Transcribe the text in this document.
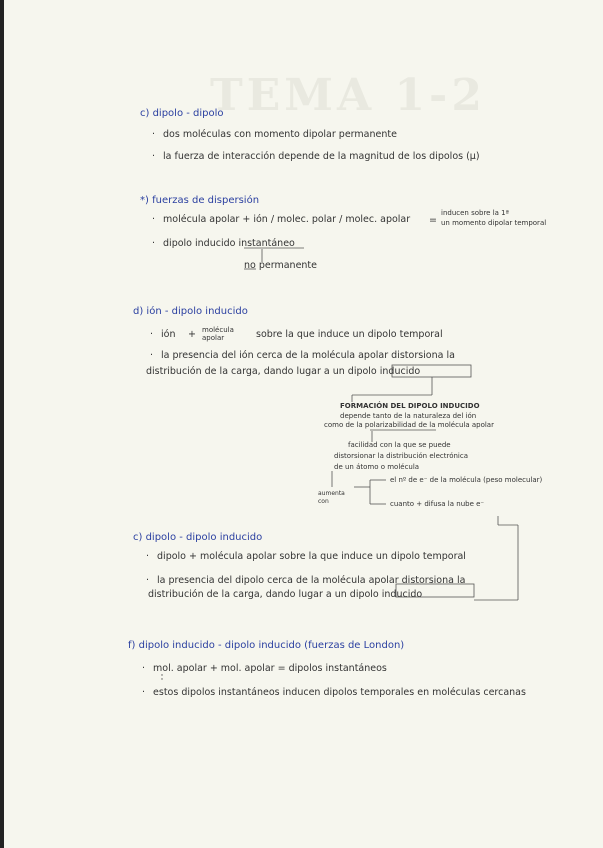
TEMA 1-2
c) dipolo - dipolo
· dos moléculas con momento dipolar permanente
· la fuerza de interacción depende de la magnitud de los dipolos (μ)
*) fuerzas de dispersión
· molécula apolar + ión / molec. polar / molec. apolar =
inducen sobre la 1ª
un momento dipolar temporal
· dipolo inducido instantáneo
no permanente
d) ión - dipolo inducido
· ión + molécula apolar	sobre la que induce un dipolo temporal
· la presencia del ión cerca de la molécula apolar distorsiona la
distribución de la carga, dando lugar a un dipolo inducido
FORMACIÓN DEL DIPOLO INDUCIDO
depende tanto de la naturaleza del ión
como de la polarizabilidad de la molécula apolar
facilidad con la que se puede
distorsionar la distribución electrónica
de un átomo o molécula
aumenta con
el nº de e⁻ de la molécula (peso molecular)
cuanto + difusa la nube e⁻
c) dipolo - dipolo inducido
· dipolo + molécula apolar sobre la que induce un dipolo temporal
· la presencia del dipolo cerca de la molécula apolar distorsiona la
distribución de la carga, dando lugar a un dipolo inducido
f) dipolo inducido - dipolo inducido (fuerzas de London)
· mol. apolar + mol. apolar = dipolos instantáneos
· estos dipolos instantáneos inducen dipolos temporales en moléculas cercanas
